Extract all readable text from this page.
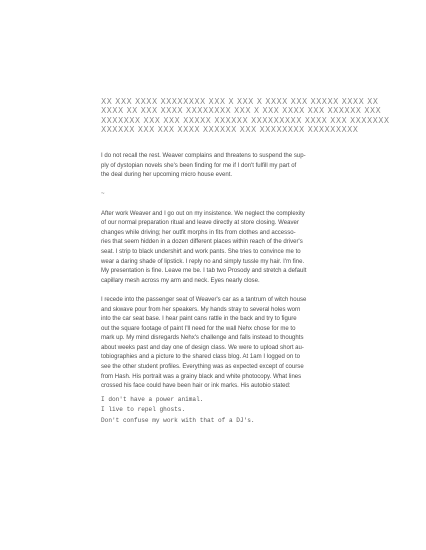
XX XXX XXXX XXXXXXXX XXX X XXX X XXXX XXX XXXXX XXXX XX
XXXX XX XXX XXXX XXXXXXXX XXX X XXX XXXX XXX XXXXXX XXX
XXXXXXX XXX XXX XXXXX XXXXXX XXXXXXXXX XXXX XXX XXXXXXX
XXXXXX XXX XXX XXXX XXXXXX XXX XXXXXXXX XXXXXXXXX
I do not recall the rest. Weaver complains and threatens to suspend the sup-
ply of dystopian novels she's been finding for me if I don't fulfill my part of
the deal during her upcoming micro house event.
~
After work Weaver and I go out on my insistence. We neglect the complexity
of our normal preparation ritual and leave directly at store closing. Weaver
changes while driving; her outfit morphs in fits from clothes and accesso-
ries that seem hidden in a dozen different places within reach of the driver's
seat. I strip to black undershirt and work pants. She tries to convince me to
wear a daring shade of lipstick. I reply no and simply tussle my hair. I'm fine.
My presentation is fine. Leave me be. I tab two Prosody and stretch a default
capillary mesh across my arm and neck. Eyes nearly close.
I recede into the passenger seat of Weaver's car as a tantrum of witch house
and skwave pour from her speakers. My hands stray to several holes worn
into the car seat base. I hear paint cans rattle in the back and try to figure
out the square footage of paint I'll need for the wall Nehx chose for me to
mark up. My mind disregards Nehx's challenge and falls instead to thoughts
about weeks past and day one of design class. We were to upload short au-
tobiographies and a picture to the shared class blog. At 1am I logged on to
see the other student profiles. Everything was as expected except of course
from Hash. His portrait was a grainy black and white photocopy. What lines
crossed his face could have been hair or ink marks. His autobio stated:
I don't have a power animal.
I live to repel ghosts.
Don't confuse my work with that of a DJ's.
